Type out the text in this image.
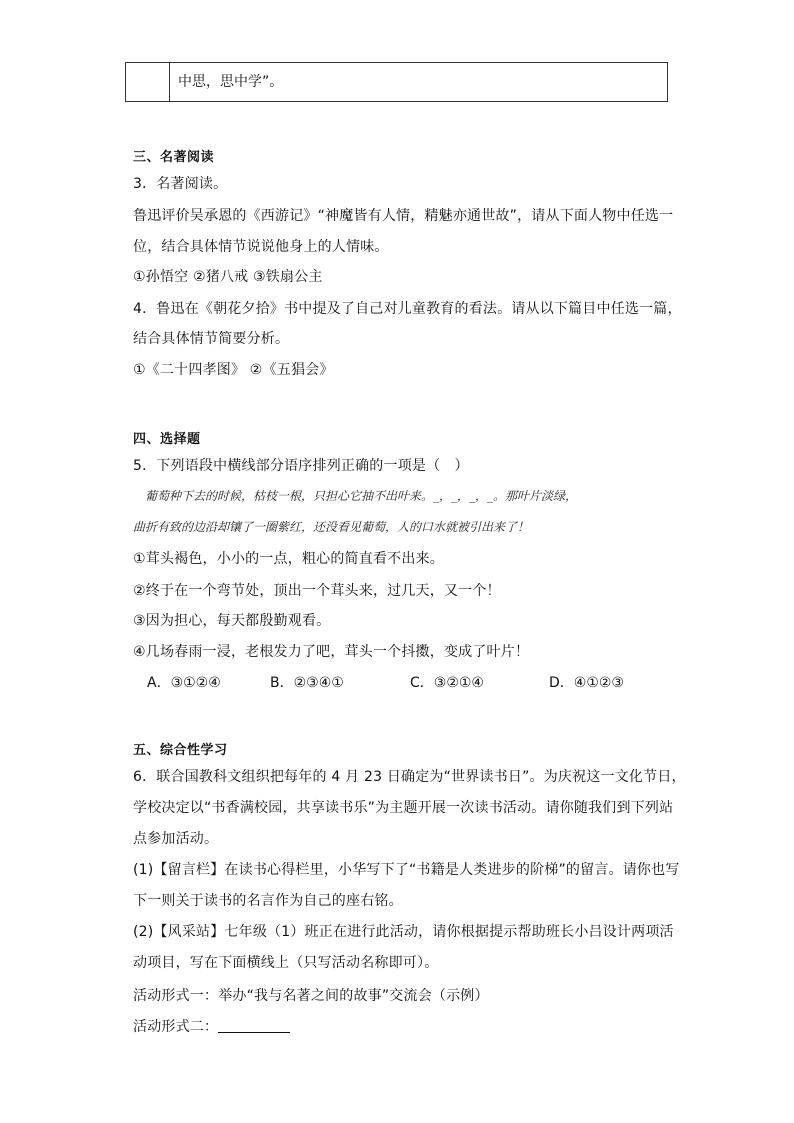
中思，思中学”。
三、名著阅读
3．名著阅读。
鲁迅评价吴承恩的《西游记》“神魔皆有人情，精魅亦通世故”，请从下面人物中任选一
位，结合具体情节说说他身上的人情味。
①孙悟空 ②猪八戒 ③铁扇公主
4．鲁迅在《朝花夕拾》书中提及了自己对儿童教育的看法。请从以下篇目中任选一篇，
结合具体情节简要分析。
①《二十四孝图》 ②《五猖会》
四、选择题
5．下列语段中横线部分语序排列正确的一项是（　）
葡萄种下去的时候，枯枝一根，只担心它抽不出叶来。_，_，_，_。那叶片淡绿，
曲折有致的边沿却镶了一圈紫红，还没看见葡萄，人的口水就被引出来了！
①茸头褐色，小小的一点，粗心的简直看不出来。
②终于在一个弯节处，顶出一个茸头来，过几天，又一个！
③因为担心，每天都殷勤观看。
④几场春雨一浸，老根发力了吧，茸头一个抖擞，变成了叶片！
A．③①②④	B．②③④①	C．③②①④	D．④①②③
五、综合性学习
6．联合国教科文组织把每年的 4 月 23 日确定为“世界读书日”。为庆祝这一文化节日，
学校决定以“书香满校园，共享读书乐”为主题开展一次读书活动。请你随我们到下列站
点参加活动。
(1)【留言栏】在读书心得栏里，小华写下了“书籍是人类进步的阶梯”的留言。请你也写
下一则关于读书的名言作为自己的座右铭。
(2)【风采站】七年级（1）班正在进行此活动，请你根据提示帮助班长小吕设计两项活
动项目，写在下面横线上（只写活动名称即可）。
活动形式一：举办“我与名著之间的故事”交流会（示例）
活动形式二：
